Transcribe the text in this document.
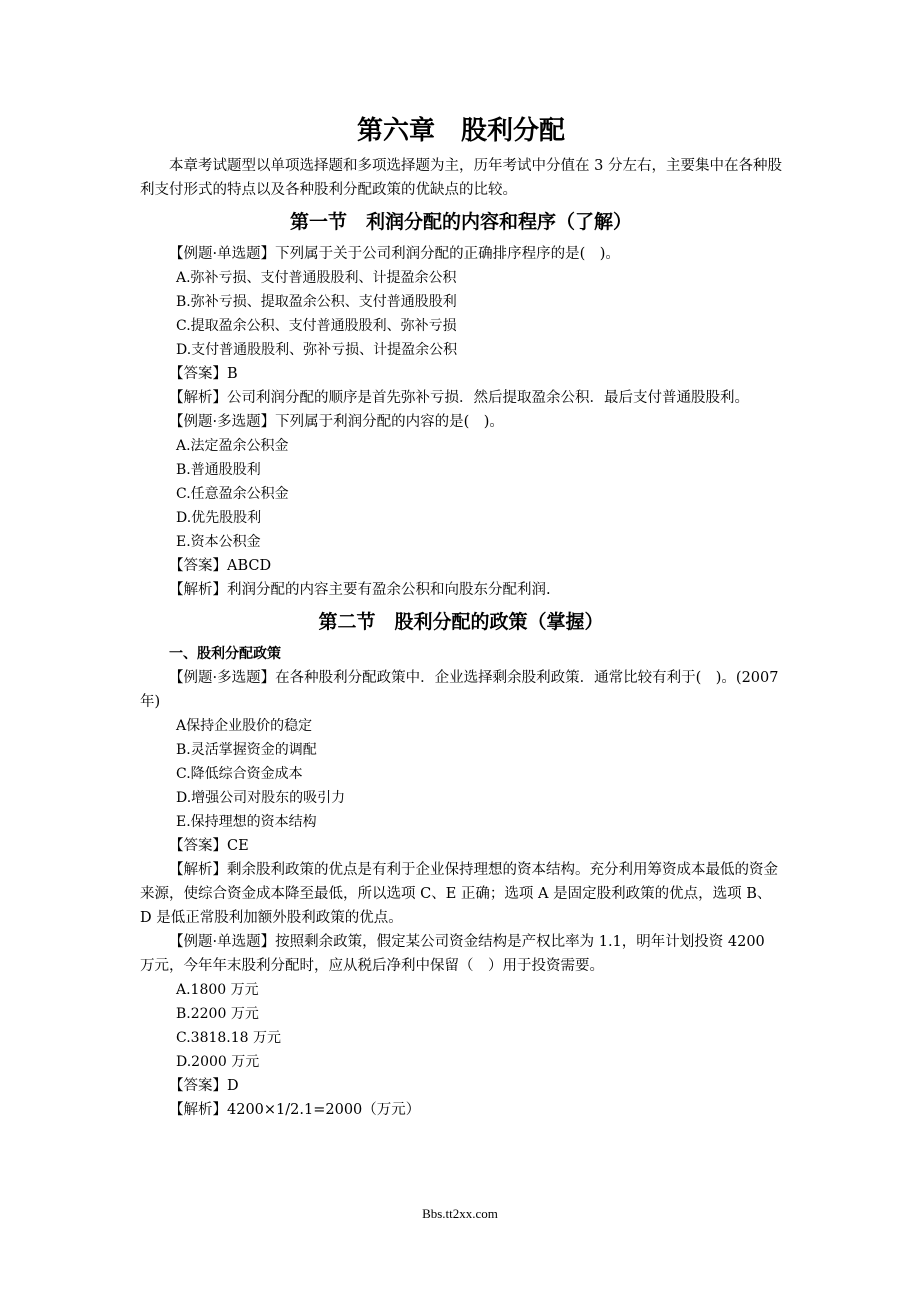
第六章　股利分配

本章考试题型以单项选择题和多项选择题为主，历年考试中分值在 3 分左右，主要集中在各种股利支付形式的特点以及各种股利分配政策的优缺点的比较。

第一节　利润分配的内容和程序（了解）

【例题·单选题】下列属于关于公司利润分配的正确排序程序的是(　)。

A.弥补亏损、支付普通股股利、计提盈余公积

B.弥补亏损、提取盈余公积、支付普通股股利

C.提取盈余公积、支付普通股股利、弥补亏损

D.支付普通股股利、弥补亏损、计提盈余公积

【答案】B

【解析】公司利润分配的顺序是首先弥补亏损．然后提取盈余公积．最后支付普通股股利。

【例题·多选题】下列属于利润分配的内容的是(　)。

A.法定盈余公积金

B.普通股股利

C.任意盈余公积金

D.优先股股利

E.资本公积金

【答案】ABCD

【解析】利润分配的内容主要有盈余公积和向股东分配利润.

第二节　股利分配的政策（掌握）

一、股利分配政策

【例题·多选题】在各种股利分配政策中．企业选择剩余股利政策．通常比较有利于(　)。(2007 年)

A保持企业股价的稳定

B.灵活掌握资金的调配

C.降低综合资金成本

D.增强公司对股东的吸引力

E.保持理想的资本结构

【答案】CE

【解析】剩余股利政策的优点是有利于企业保持理想的资本结构。充分利用筹资成本最低的资金来源，使综合资金成本降至最低，所以选项 C、E 正确；选项 A 是固定股利政策的优点，选项 B、D 是低正常股利加额外股利政策的优点。

【例题·单选题】按照剩余政策，假定某公司资金结构是产权比率为 1.1，明年计划投资 4200 万元，今年年末股利分配时，应从税后净利中保留（　）用于投资需要。

A.1800 万元

B.2200 万元

C.3818.18 万元

D.2000 万元

【答案】D

【解析】4200×1/2.1=2000（万元）

Bbs.tt2xx.com
